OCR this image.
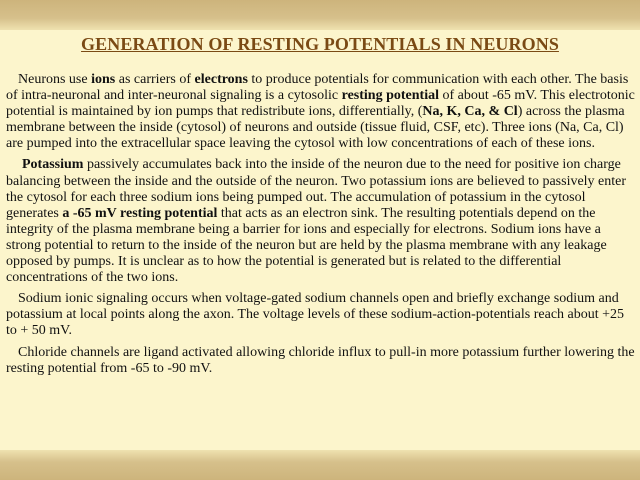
GENERATION OF RESTING POTENTIALS IN NEURONS

Neurons use ions as carriers of electrons to produce potentials for communication with each other. The basis of intra-neuronal and inter-neuronal signaling is a cytosolic resting potential of about -65 mV. This electrotonic potential is maintained by ion pumps that redistribute ions, differentially, (Na, K, Ca, & Cl) across the plasma membrane between the inside (cytosol) of neurons and outside (tissue fluid, CSF, etc). Three ions (Na, Ca, Cl) are pumped into the extracellular space leaving the cytosol with low concentrations of each of these ions.

Potassium passively accumulates back into the inside of the neuron due to the need for positive ion charge balancing between the inside and the outside of the neuron. Two potassium ions are believed to passively enter the cytosol for each three sodium ions being pumped out. The accumulation of potassium in the cytosol generates a -65 mV resting potential that acts as an electron sink. The resulting potentials depend on the integrity of the plasma membrane being a barrier for ions and especially for electrons. Sodium ions have a strong potential to return to the inside of the neuron but are held by the plasma membrane with any leakage opposed by pumps. It is unclear as to how the potential is generated but is related to the differential concentrations of the two ions.

Sodium ionic signaling occurs when voltage-gated sodium channels open and briefly exchange sodium and potassium at local points along the axon. The voltage levels of these sodium-action-potentials reach about +25 to + 50 mV.

Chloride channels are ligand activated allowing chloride influx to pull-in more potassium further lowering the resting potential from -65 to -90 mV.
